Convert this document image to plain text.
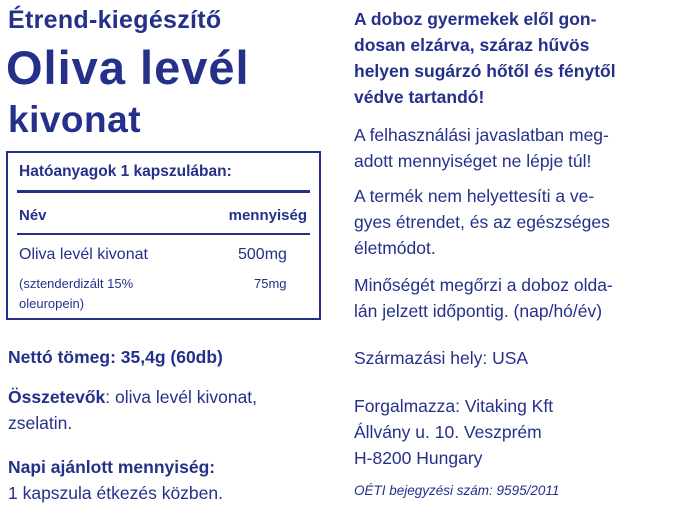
Étrend-kiegészítő
Oliva levél
kivonat
Hatóanyagok 1 kapszulában:
Név	mennyiség
Oliva levél kivonat	500mg
(sztenderdizált 15%
oleuropein)
75mg
Nettó tömeg: 35,4g (60db)
Összetevők: oliva levél kivonat,
zselatin.
Napi ajánlott mennyiség:
1 kapszula étkezés közben.
A doboz gyermekek elől gon-
dosan elzárva, száraz hűvös
helyen sugárzó hőtől és fénytől
védve tartandó!
A felhasználási javaslatban meg-
adott mennyiséget ne lépje túl!
A termék nem helyettesíti a ve-
gyes étrendet, és az egészséges
életmódot.
Minőségét megőrzi a doboz olda-
lán jelzett időpontig. (nap/hó/év)
Származási hely: USA
Forgalmazza: Vitaking Kft
Állvány u. 10. Veszprém
H-8200 Hungary
OÉTI bejegyzési szám: 9595/2011
